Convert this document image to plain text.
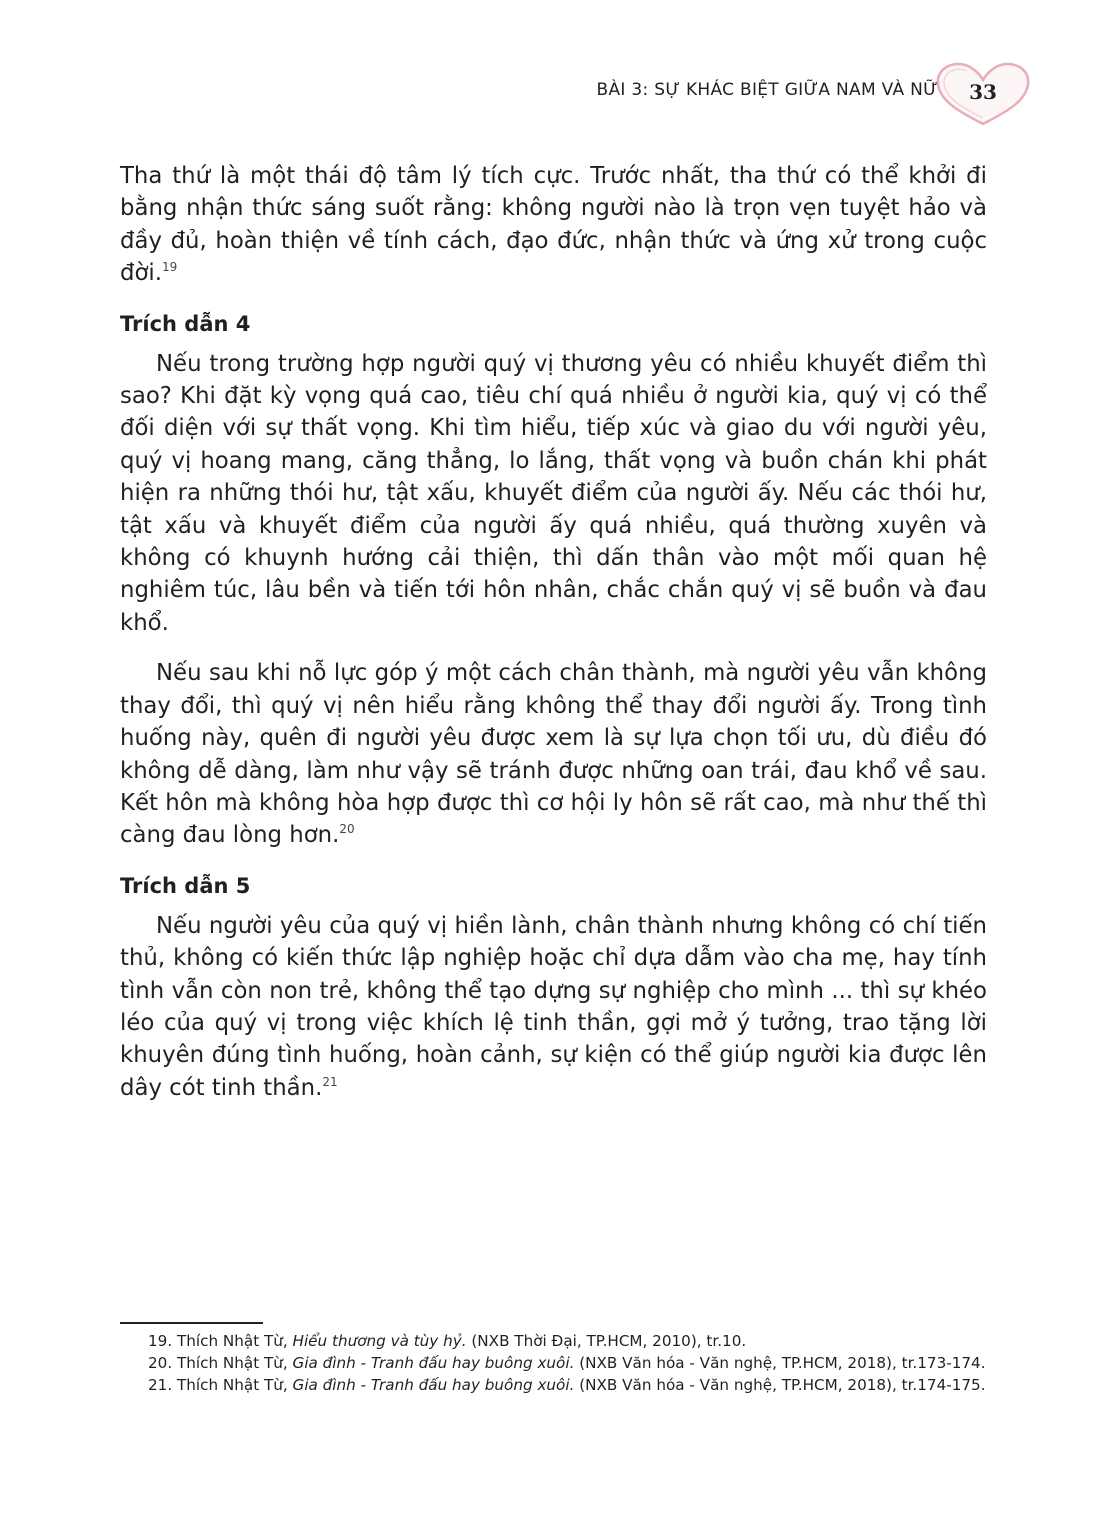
BÀI 3: SỰ KHÁC BIỆT GIỮA NAM VÀ NỮ	33

Tha thứ là một thái độ tâm lý tích cực. Trước nhất, tha thứ có thể khởi đi bằng nhận thức sáng suốt rằng: không người nào là trọn vẹn tuyệt hảo và đầy đủ, hoàn thiện về tính cách, đạo đức, nhận thức và ứng xử trong cuộc đời.$^{19}$

Trích dẫn 4

Nếu trong trường hợp người quý vị thương yêu có nhiều khuyết điểm thì sao? Khi đặt kỳ vọng quá cao, tiêu chí quá nhiều ở người kia, quý vị có thể đối diện với sự thất vọng. Khi tìm hiểu, tiếp xúc và giao du với người yêu, quý vị hoang mang, căng thẳng, lo lắng, thất vọng và buồn chán khi phát hiện ra những thói hư, tật xấu, khuyết điểm của người ấy. Nếu các thói hư, tật xấu và khuyết điểm của người ấy quá nhiều, quá thường xuyên và không có khuynh hướng cải thiện, thì dấn thân vào một mối quan hệ nghiêm túc, lâu bền và tiến tới hôn nhân, chắc chắn quý vị sẽ buồn và đau khổ.

Nếu sau khi nỗ lực góp ý một cách chân thành, mà người yêu vẫn không thay đổi, thì quý vị nên hiểu rằng không thể thay đổi người ấy. Trong tình huống này, quên đi người yêu được xem là sự lựa chọn tối ưu, dù điều đó không dễ dàng, làm như vậy sẽ tránh được những oan trái, đau khổ về sau. Kết hôn mà không hòa hợp được thì cơ hội ly hôn sẽ rất cao, mà như thế thì càng đau lòng hơn.$^{20}$

Trích dẫn 5

Nếu người yêu của quý vị hiền lành, chân thành nhưng không có chí tiến thủ, không có kiến thức lập nghiệp hoặc chỉ dựa dẫm vào cha mẹ, hay tính tình vẫn còn non trẻ, không thể tạo dựng sự nghiệp cho mình ... thì sự khéo léo của quý vị trong việc khích lệ tinh thần, gợi mở ý tưởng, trao tặng lời khuyên đúng tình huống, hoàn cảnh, sự kiện có thể giúp người kia được lên dây cót tinh thần.$^{21}$

19. Thích Nhật Từ, Hiểu thương và tùy hỷ. (NXB Thời Đại, TP.HCM, 2010), tr.10.

20. Thích Nhật Từ, Gia đình - Tranh đấu hay buông xuôi. (NXB Văn hóa - Văn nghệ, TP.HCM, 2018), tr.173-174.

21. Thích Nhật Từ, Gia đình - Tranh đấu hay buông xuôi. (NXB Văn hóa - Văn nghệ, TP.HCM, 2018), tr.174-175.
